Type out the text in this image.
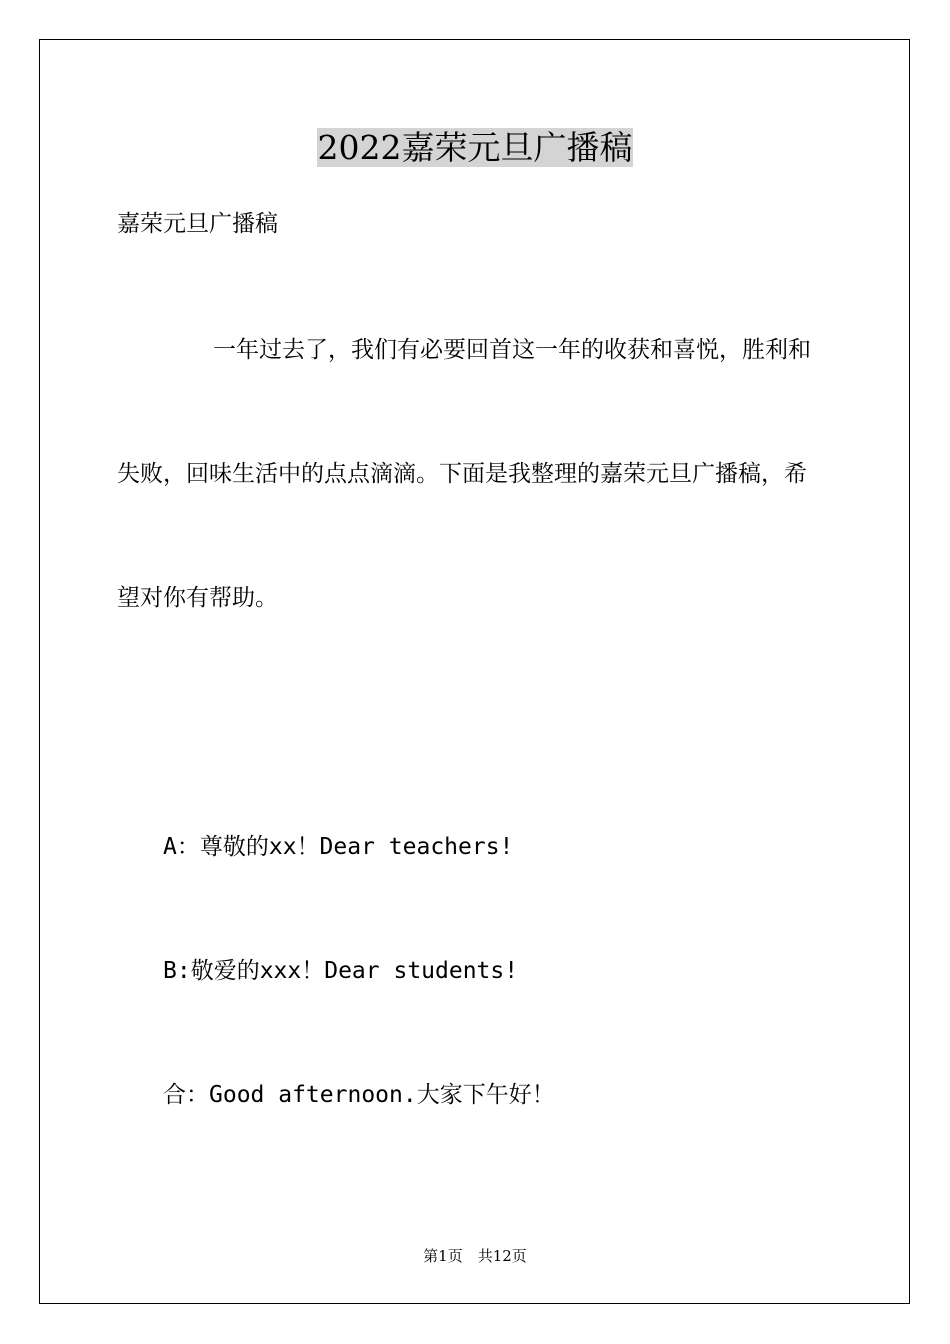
2022嘉荣元旦广播稿
嘉荣元旦广播稿
一年过去了，我们有必要回首这一年的收获和喜悦，胜利和
失败，回味生活中的点点滴滴。下面是我整理的嘉荣元旦广播稿，希
望对你有帮助。
A：尊敬的xx！Dear teachers!
B:敬爱的xxx！Dear students!
合：Good afternoon.大家下午好！
第1页　共12页
